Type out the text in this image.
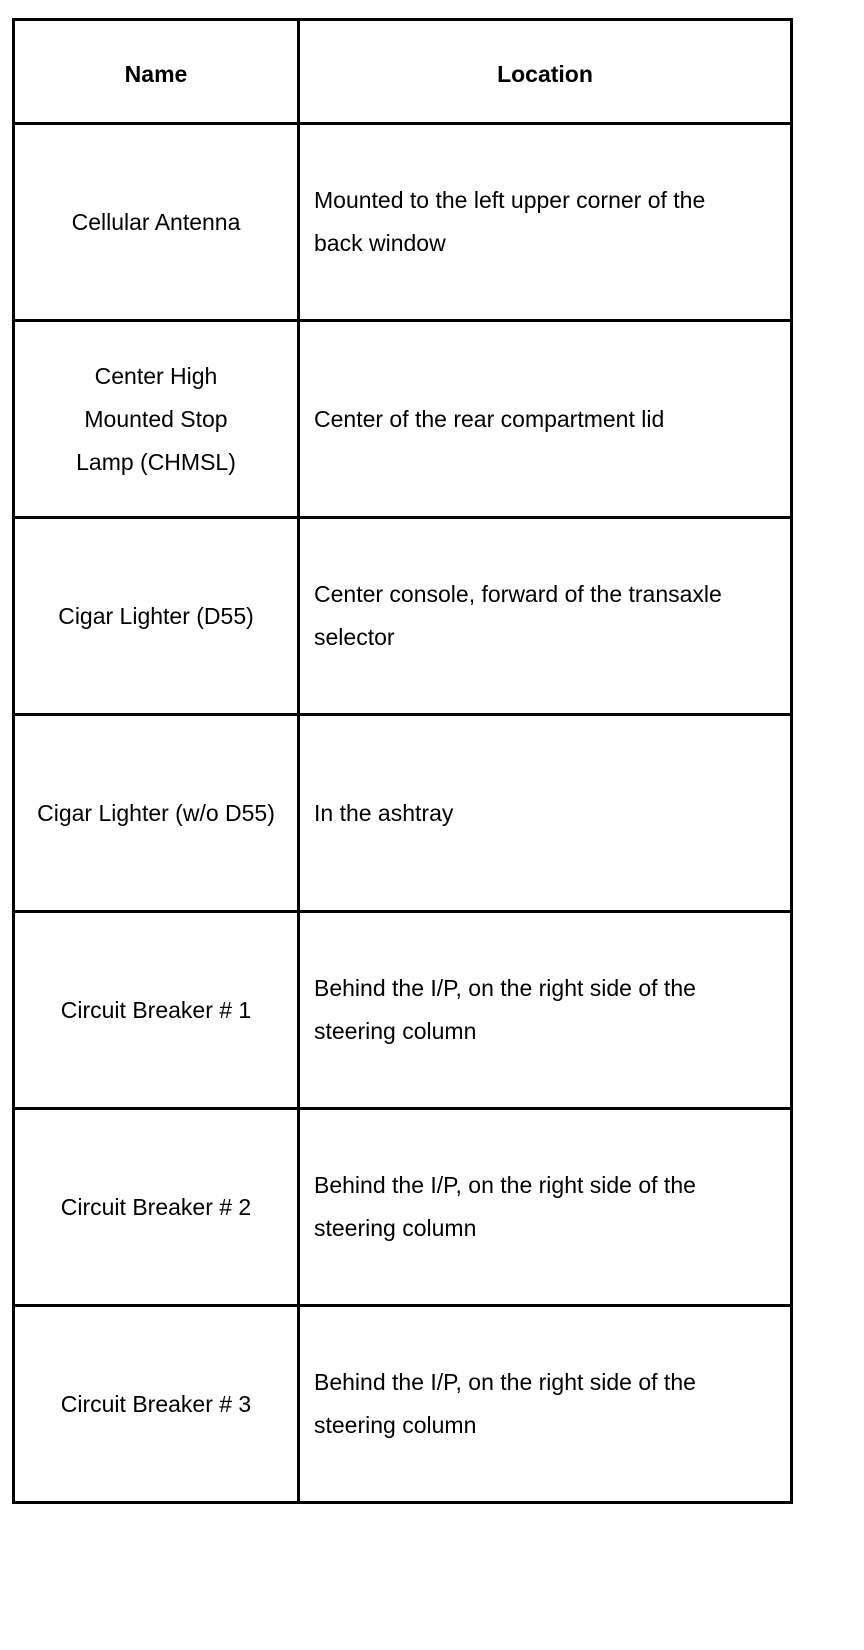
Name	Location
Cellular Antenna	Mounted to the left upper corner of the back window
Center High Mounted Stop Lamp (CHMSL)	Center of the rear compartment lid
Cigar Lighter (D55)	Center console, forward of the transaxle selector
Cigar Lighter (w/o D55)	In the ashtray
Circuit Breaker # 1	Behind the I/P, on the right side of the steering column
Circuit Breaker # 2	Behind the I/P, on the right side of the steering column
Circuit Breaker # 3	Behind the I/P, on the right side of the steering column
